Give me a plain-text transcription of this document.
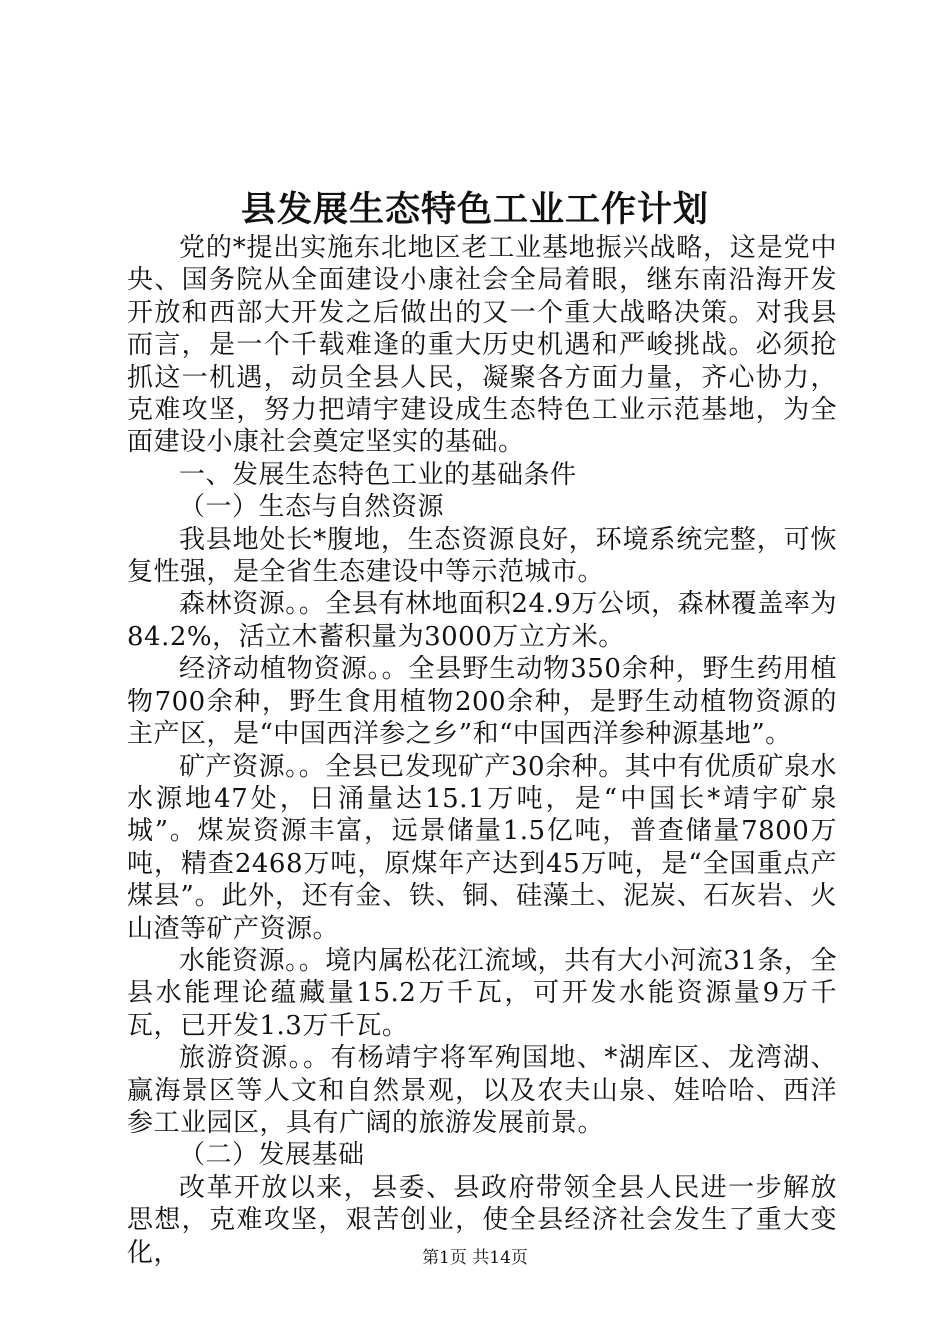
县发展生态特色工业工作计划

党的*提出实施东北地区老工业基地振兴战略，这是党中央、国务院从全面建设小康社会全局着眼，继东南沿海开发开放和西部大开发之后做出的又一个重大战略决策。对我县而言，是一个千载难逢的重大历史机遇和严峻挑战。必须抢抓这一机遇，动员全县人民，凝聚各方面力量，齐心协力，克难攻坚，努力把靖宇建设成生态特色工业示范基地，为全面建设小康社会奠定坚实的基础。

一、发展生态特色工业的基础条件

（一）生态与自然资源

我县地处长*腹地，生态资源良好，环境系统完整，可恢复性强，是全省生态建设中等示范城市。

森林资源。。全县有林地面积24.9万公顷，森林覆盖率为84.2%，活立木蓄积量为3000万立方米。

经济动植物资源。。全县野生动物350余种，野生药用植物700余种，野生食用植物200余种，是野生动植物资源的主产区，是“中国西洋参之乡”和“中国西洋参种源基地”。

矿产资源。。全县已发现矿产30余种。其中有优质矿泉水水源地47处，日涌量达15.1万吨，是“中国长*靖宇矿泉城”。煤炭资源丰富，远景储量1.5亿吨，普查储量7800万吨，精查2468万吨，原煤年产达到45万吨，是“全国重点产煤县”。此外，还有金、铁、铜、硅藻土、泥炭、石灰岩、火山渣等矿产资源。

水能资源。。境内属松花江流域，共有大小河流31条，全县水能理论蕴藏量15.2万千瓦，可开发水能资源量9万千瓦，已开发1.3万千瓦。

旅游资源。。有杨靖宇将军殉国地、*湖库区、龙湾湖、赢海景区等人文和自然景观，以及农夫山泉、娃哈哈、西洋参工业园区，具有广阔的旅游发展前景。

（二）发展基础

改革开放以来，县委、县政府带领全县人民进一步解放思想，克难攻坚，艰苦创业，使全县经济社会发生了重大变化，	第1页 共14页
